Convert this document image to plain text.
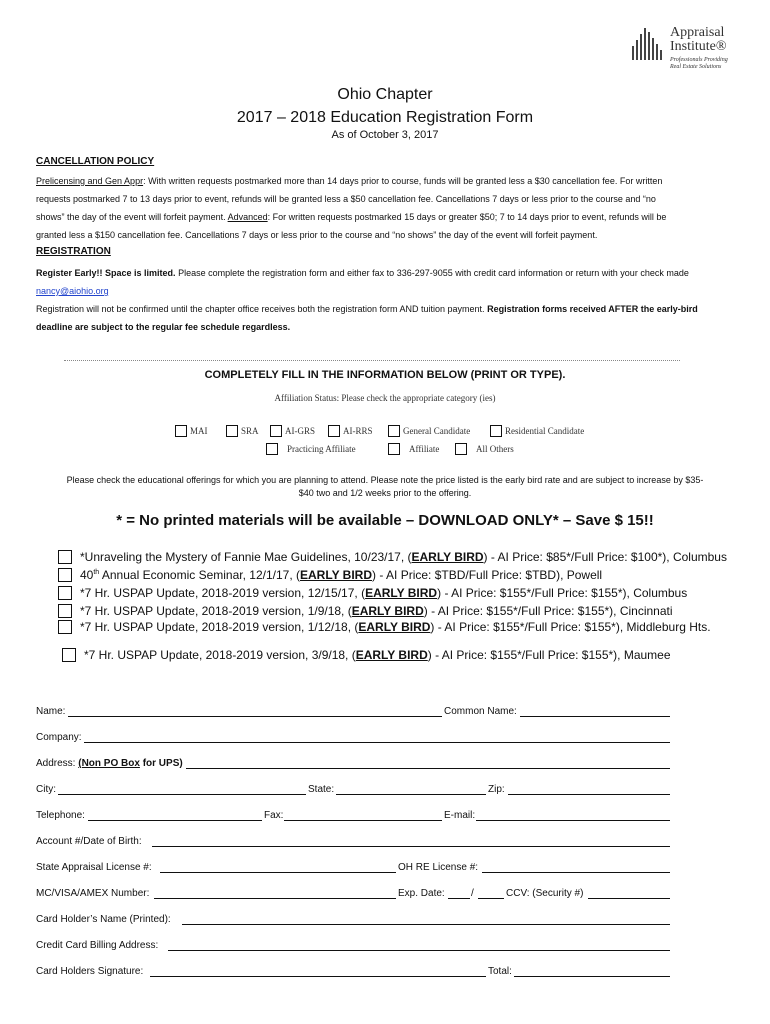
Appraisal
Institute®
Professionals Providing
Real Estate Solutions
Ohio Chapter
2017 – 2018 Education Registration Form
As of October 3, 2017
CANCELLATION POLICY
Prelicensing and Gen Appr: With written requests postmarked more than 14 days prior to course, funds will be granted less a $30 cancellation fee. For written
requests postmarked 7 to 13 days prior to event, refunds will be granted less a $50 cancellation fee. Cancellations 7 days or less prior to the course and “no
shows” the day of the event will forfeit payment. Advanced: For written requests postmarked 15 days or greater $50; 7 to 14 days prior to event, refunds will be
granted less a $150 cancellation fee. Cancellations 7 days or less prior to the course and “no shows” the day of the event will forfeit payment.
REGISTRATION
Register Early!! Space is limited. Please complete the registration form and either fax to 336-297-9055 with credit card information or return with your check made
nancy@aiohio.org
Registration will not be confirmed until the chapter office receives both the registration form AND tuition payment. Registration forms received AFTER the early-bird
deadline are subject to the regular fee schedule regardless.
COMPLETELY FILL IN THE INFORMATION BELOW (PRINT OR TYPE).
Affiliation Status: Please check the appropriate category (ies)
MAI	SRA	AI-GRS	AI-RRS	General Candidate	Residential Candidate
Practicing Affiliate	Affiliate	All Others
Please check the educational offerings for which you are planning to attend. Please note the price listed is the early bird rate and are subject to increase by $35-
$40 two and 1/2 weeks prior to the offering.
* = No printed materials will be available – DOWNLOAD ONLY* – Save $ 15!!
*Unraveling the Mystery of Fannie Mae Guidelines, 10/23/17, (EARLY BIRD) - AI Price: $85*/Full Price: $100*), Columbus
40th Annual Economic Seminar, 12/1/17, (EARLY BIRD) - AI Price: $TBD/Full Price: $TBD), Powell
*7 Hr. USPAP Update, 2018-2019 version, 12/15/17, (EARLY BIRD) - AI Price: $155*/Full Price: $155*), Columbus
*7 Hr. USPAP Update, 2018-2019 version, 1/9/18, (EARLY BIRD) - AI Price: $155*/Full Price: $155*), Cincinnati
*7 Hr. USPAP Update, 2018-2019 version, 1/12/18, (EARLY BIRD) - AI Price: $155*/Full Price: $155*), Middleburg Hts.
*7 Hr. USPAP Update, 2018-2019 version, 3/9/18, (EARLY BIRD) - AI Price: $155*/Full Price: $155*), Maumee
Name:	Common Name:
Company:
Address: (Non PO Box for UPS)
City:	State:	Zip:
Telephone:	Fax:	E-mail:
Account #/Date of Birth:
State Appraisal License #:	OH RE License #:
MC/VISA/AMEX Number:	Exp. Date:	/	CCV: (Security #)
Card Holder’s Name (Printed):
Credit Card Billing Address:
Card Holders Signature:	Total:
